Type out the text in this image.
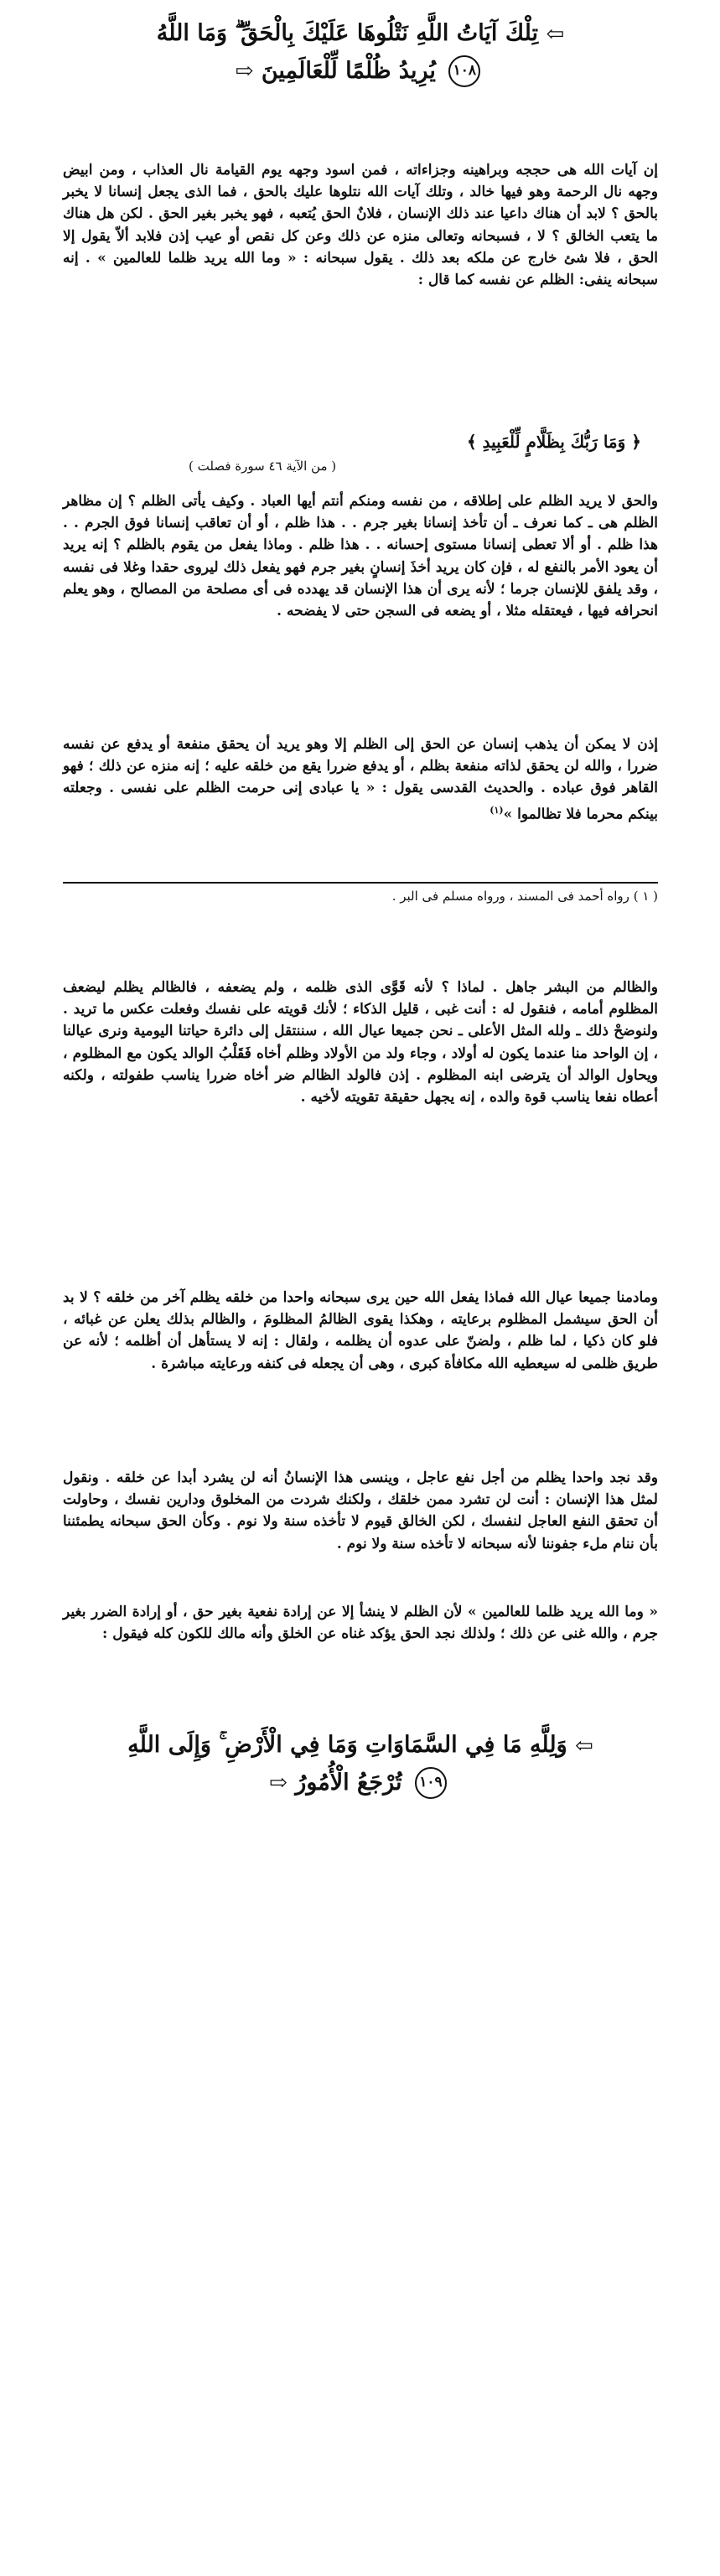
⇦ تِلْكَ آيَاتُ اللَّهِ نَتْلُوهَا عَلَيْكَ بِالْحَقِّ ۗ وَمَا اللَّهُ
١٠٨ يُرِيدُ ظُلْمًا لِّلْعَالَمِينَ ⇨

إن آيات الله هى حججه وبراهينه وجزاءاته ، فمن اسود وجهه يوم القيامة نال العذاب ، ومن ابيض وجهه نال الرحمة وهو فيها خالد ، وتلك آيات الله نتلوها عليك بالحق ، فما الذى يجعل إنسانا لا يخبر بالحق ؟ لابد أن هناك داعيا عند ذلك الإنسان ، فلانٌ الحق يُتعبه ، فهو يخبر بغير الحق . لكن هل هناك ما يتعب الخالق ؟ لا ، فسبحانه وتعالى منزه عن ذلك وعن كل نقص أو عيب إذن فلابد ألاّ يقول إلا الحق ، فلا شئ خارج عن ملكه بعد ذلك . يقول سبحانه : « وما الله يريد ظلما للعالمين » . إنه سبحانه ينفى: الظلم عن نفسه كما قال :

﴿ وَمَا رَبُّكَ بِظَلَّامٍ لِّلْعَبِيدِ ﴾
( من الآية ٤٦ سورة فصلت )

والحق لا يريد الظلم على إطلاقه ، من نفسه ومنكم أنتم أيها العباد . وكيف يأتى الظلم ؟ إن مظاهر الظلم هى ـ كما نعرف ـ أن تأخذ إنسانا بغير جرم . . هذا ظلم ، أو أن تعاقب إنسانا فوق الجرم . . هذا ظلم . أو ألا تعطى إنسانا مستوى إحسانه . . هذا ظلم . وماذا يفعل من يقوم بالظلم ؟ إنه يريد أن يعود الأمر بالنفع له ، فإن كان يريد أخذَ إنسانٍ بغير جرم فهو يفعل ذلك ليروى حقدا وغلا فى نفسه ، وقد يلفق للإنسان جرما ؛ لأنه يرى أن هذا الإنسان قد يهدده فى أى مصلحة من المصالح ، وهو يعلم انحرافه فيها ، فيعتقله مثلا ، أو يضعه فى السجن حتى لا يفضحه .

إذن لا يمكن أن يذهب إنسان عن الحق إلى الظلم إلا وهو يريد أن يحقق منفعة أو يدفع عن نفسه ضررا ، والله لن يحقق لذاته منفعة بظلم ، أو يدفع ضررا يقع من خلقه عليه ؛ إنه منزه عن ذلك ؛ فهو القاهر فوق عباده . والحديث القدسى يقول : « يا عبادى إنى حرمت الظلم على نفسى . وجعلته بينكم محرما فلا تظالموا »$^{(١)}$

( ١ ) رواه أحمد فى المسند ، ورواه مسلم فى البر .

والظالم من البشر جاهل . لماذا ؟ لأنه قَوَّى الذى ظلمه ، ولم يضعفه ، فالظالم يظلم ليضعف المظلوم أمامه ، فنقول له : أنت غبى ، قليل الذكاء ؛ لأنك قويته على نفسك وفعلت عكس ما تريد . ولنوضحْ ذلك ـ ولله المثل الأعلى ـ نحن جميعا عيال الله ، سننتقل إلى دائرة حياتنا اليومية ونرى عيالنا ، إن الواحد منا عندما يكون له أولاد ، وجاء ولد من الأولاد وظلم أخاه فَقَلْبُ الوالد يكون مع المظلوم ، ويحاول الوالد أن يترضى ابنه المظلوم . إذن فالولد الظالم ضر أخاه ضررا يناسب طفولته ، ولكنه أعطاه نفعا يناسب قوة والده ، إنه يجهل حقيقة تقويته لأخيه .

ومادمنا جميعا عيال الله فماذا يفعل الله حين يرى سبحانه واحدا من خلقه يظلم آخر من خلقه ؟ لا بد أن الحق سيشمل المظلوم برعايته ، وهكذا يقوى الظالمُ المظلومَ ، والظالم بذلك يعلن عن غبائه ، فلو كان ذكيا ، لما ظلم ، ولضنّ على عدوه أن يظلمه ، ولقال : إنه لا يستأهل أن أظلمه ؛ لأنه عن طريق ظلمى له سيعطيه الله مكافأة كبرى ، وهى أن يجعله فى كنفه ورعايته مباشرة .

وقد نجد واحدا يظلم من أجل نفع عاجل ، وينسى هذا الإنسانُ أنه لن يشرد أبدا عن خلقه . ونقول لمثل هذا الإنسان : أنت لن تشرد ممن خلقك ، ولكنك شردت من المخلوق ودارين نفسك ، وحاولت أن تحقق النفع العاجل لنفسك ، لكن الخالق قيوم لا تأخذه سنة ولا نوم . وكأن الحق سبحانه يطمئننا بأن ننام ملء جفوننا لأنه سبحانه لا تأخذه سنة ولا نوم .

« وما الله يريد ظلما للعالمين » لأن الظلم لا ينشأ إلا عن إرادة نفعية بغير حق ، أو إرادة الضرر بغير جرم ، والله غنى عن ذلك ؛ ولذلك نجد الحق يؤكد غناه عن الخلق وأنه مالك للكون كله فيقول :

⇦ وَلِلَّهِ مَا فِي السَّمَاوَاتِ وَمَا فِي الْأَرْضِ ۚ وَإِلَى اللَّهِ
١٠٩ تُرْجَعُ الْأُمُورُ ⇨
